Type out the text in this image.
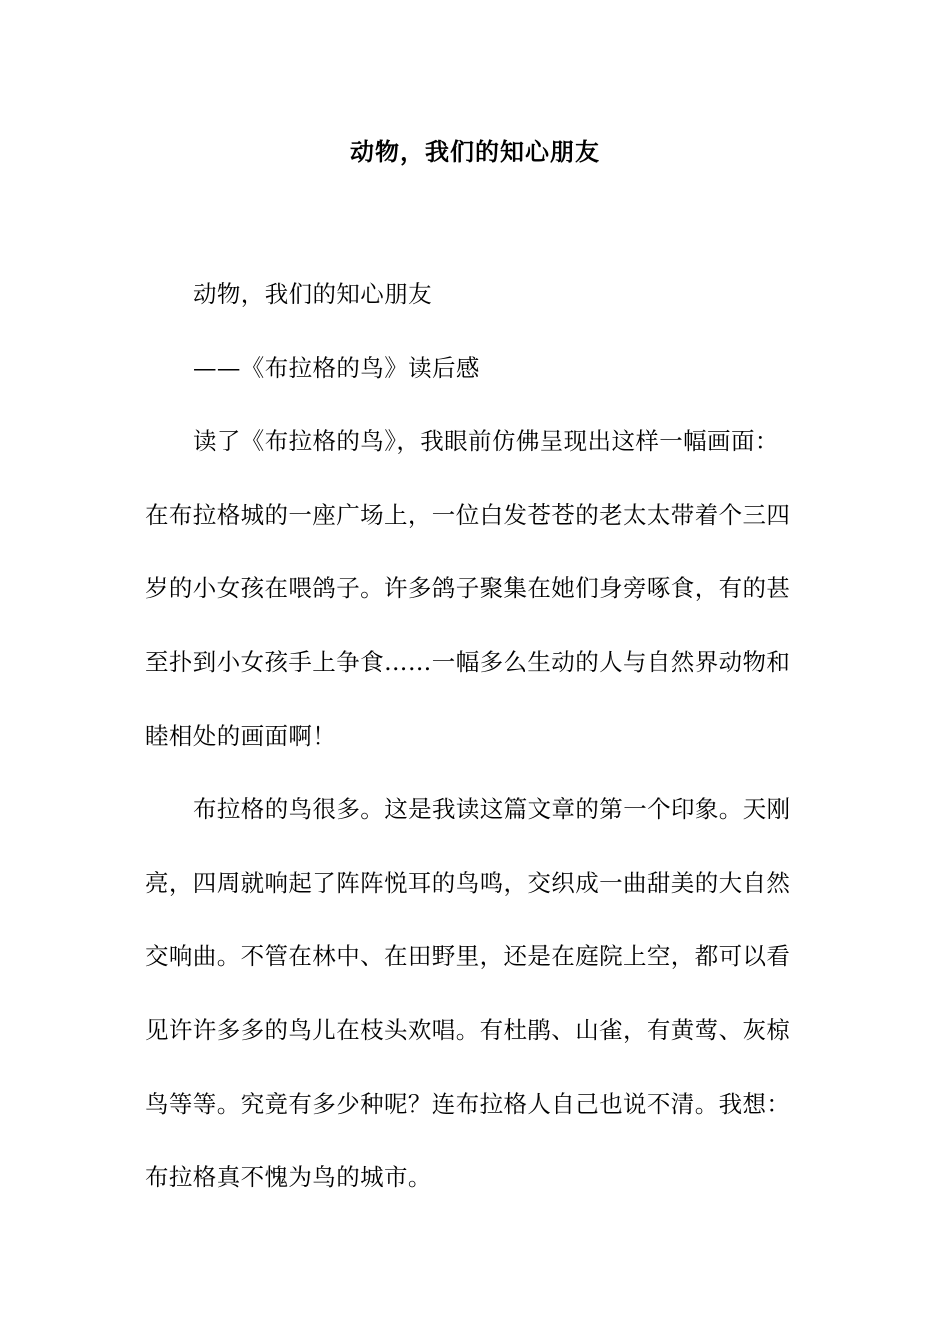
动物，我们的知心朋友
动物，我们的知心朋友
——《布拉格的鸟》读后感
读了《布拉格的鸟》，我眼前仿佛呈现出这样一幅画面：
在布拉格城的一座广场上，一位白发苍苍的老太太带着个三四
岁的小女孩在喂鸽子。许多鸽子聚集在她们身旁啄食，有的甚
至扑到小女孩手上争食……一幅多么生动的人与自然界动物和
睦相处的画面啊！
布拉格的鸟很多。这是我读这篇文章的第一个印象。天刚
亮，四周就响起了阵阵悦耳的鸟鸣，交织成一曲甜美的大自然
交响曲。不管在林中、在田野里，还是在庭院上空，都可以看
见许许多多的鸟儿在枝头欢唱。有杜鹃、山雀，有黄莺、灰椋
鸟等等。究竟有多少种呢？连布拉格人自己也说不清。我想：
布拉格真不愧为鸟的城市。
